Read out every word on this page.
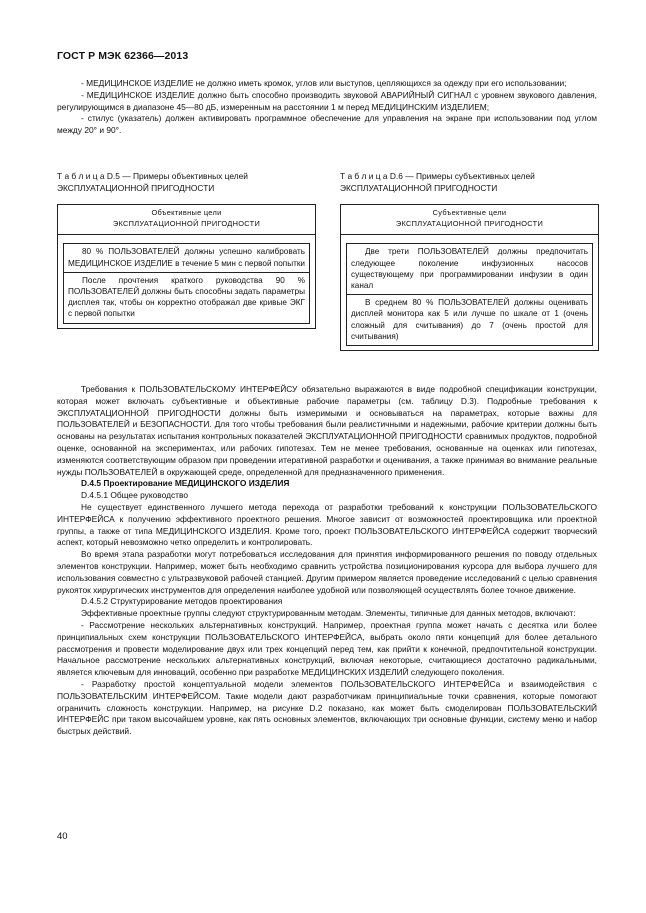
ГОСТ Р МЭК 62366—2013

- МЕДИЦИНСКОЕ ИЗДЕЛИЕ не должно иметь кромок, углов или выступов, цепляющихся за одежду при его использовании;

- МЕДИЦИНСКОЕ ИЗДЕЛИЕ должно быть способно производить звуковой АВАРИЙНЫЙ СИГНАЛ с уровнем звукового давления, регулирующимся в диапазоне 45—80 дБ, измеренным на расстоянии 1 м перед МЕДИЦИНСКИМ ИЗДЕЛИЕМ;

- стилус (указатель) должен активировать программное обеспечение для управления на экране при использовании под углом между 20° и 90°.

Т а б л и ц а D.5 — Примеры объективных целей
ЭКСПЛУАТАЦИОННОЙ ПРИГОДНОСТИ
Объективные цели
ЭКСПЛУАТАЦИОННОЙ ПРИГОДНОСТИ
80 % ПОЛЬЗОВАТЕЛЕЙ должны успешно калибровать МЕДИЦИНСКОЕ ИЗДЕЛИЕ в течение 5 мин с первой попытки
После прочтения краткого руководства 90 % ПОЛЬЗОВАТЕЛЕЙ должны быть способны задать параметры дисплея так, чтобы он корректно отображал две кривые ЭКГ с первой попытки
Т а б л и ц а D.6 — Примеры субъективных целей
ЭКСПЛУАТАЦИОННОЙ ПРИГОДНОСТИ
Субъективные цели
ЭКСПЛУАТАЦИОННОЙ ПРИГОДНОСТИ
Две трети ПОЛЬЗОВАТЕЛЕЙ должны предпочитать следующее поколение инфузионных насосов существующему при программировании инфузии в один канал
В среднем 80 % ПОЛЬЗОВАТЕЛЕЙ должны оценивать дисплей монитора как 5 или лучше по шкале от 1 (очень сложный для считывания) до 7 (очень простой для считывания)

Требования к ПОЛЬЗОВАТЕЛЬСКОМУ ИНТЕРФЕЙСУ обязательно выражаются в виде подробной спецификации конструкции, которая может включать субъективные и объективные рабочие параметры (см. таблицу D.3). Подробные требования к ЭКСПЛУАТАЦИОННОЙ ПРИГОДНОСТИ должны быть измеримыми и основываться на параметрах, которые важны для ПОЛЬЗОВАТЕЛЕЙ и БЕЗОПАСНОСТИ. Для того чтобы требования были реалистичными и надежными, рабочие критерии должны быть основаны на результатах испытания контрольных показателей ЭКСПЛУАТАЦИОННОЙ ПРИГОДНОСТИ сравнимых продуктов, подробной оценке, основанной на экспериментах, или рабочих гипотезах. Тем не менее требования, основанные на оценках или гипотезах, изменяются соответствующим образом при проведении итеративной разработки и оценивания, а также принимая во внимание реальные нужды ПОЛЬЗОВАТЕЛЕЙ в окружающей среде, определенной для предназначенного применения.

D.4.5 Проектирование МЕДИЦИНСКОГО ИЗДЕЛИЯ

D.4.5.1 Общее руководство

Не существует единственного лучшего метода перехода от разработки требований к конструкции ПОЛЬЗОВАТЕЛЬСКОГО ИНТЕРФЕЙСА к получению эффективного проектного решения. Многое зависит от возможностей проектировщика или проектной группы, а также от типа МЕДИЦИНСКОГО ИЗДЕЛИЯ. Кроме того, проект ПОЛЬЗОВАТЕЛЬСКОГО ИНТЕРФЕЙСА содержит творческий аспект, который невозможно четко определить и контролировать.

Во время этапа разработки могут потребоваться исследования для принятия информированного решения по поводу отдельных элементов конструкции. Например, может быть необходимо сравнить устройства позиционирования курсора для выбора лучшего для использования совместно с ультразвуковой рабочей станцией. Другим примером является проведение исследований с целью сравнения рукояток хирургических инструментов для определения наиболее удобной или позволяющей осуществлять более точное движение.

D.4.5.2 Структурирование методов проектирования

Эффективные проектные группы следуют структурированным методам. Элементы, типичные для данных методов, включают:

- Рассмотрение нескольких альтернативных конструкций. Например, проектная группа может начать с десятка или более принципиальных схем конструкции ПОЛЬЗОВАТЕЛЬСКОГО ИНТЕРФЕЙСА, выбрать около пяти концепций для более детального рассмотрения и провести моделирование двух или трех концепций перед тем, как прийти к конечной, предпочтительной конструкции. Начальное рассмотрение нескольких альтернативных конструкций, включая некоторые, считающиеся достаточно радикальными, является ключевым для инноваций, особенно при разработке МЕДИЦИНСКИХ ИЗДЕЛИЙ следующего поколения.

- Разработку простой концептуальной модели элементов ПОЛЬЗОВАТЕЛЬСКОГО ИНТЕРФЕЙСа и взаимодействия с ПОЛЬЗОВАТЕЛЬСКИМ ИНТЕРФЕЙСОМ. Такие модели дают разработчикам принципиальные точки сравнения, которые помогают ограничить сложность конструкции. Например, на рисунке D.2 показано, как может быть смоделирован ПОЛЬЗОВАТЕЛЬСКИЙ ИНТЕРФЕЙС при таком высочайшем уровне, как пять основных элементов, включающих три основные функции, систему меню и набор быстрых действий.

40
